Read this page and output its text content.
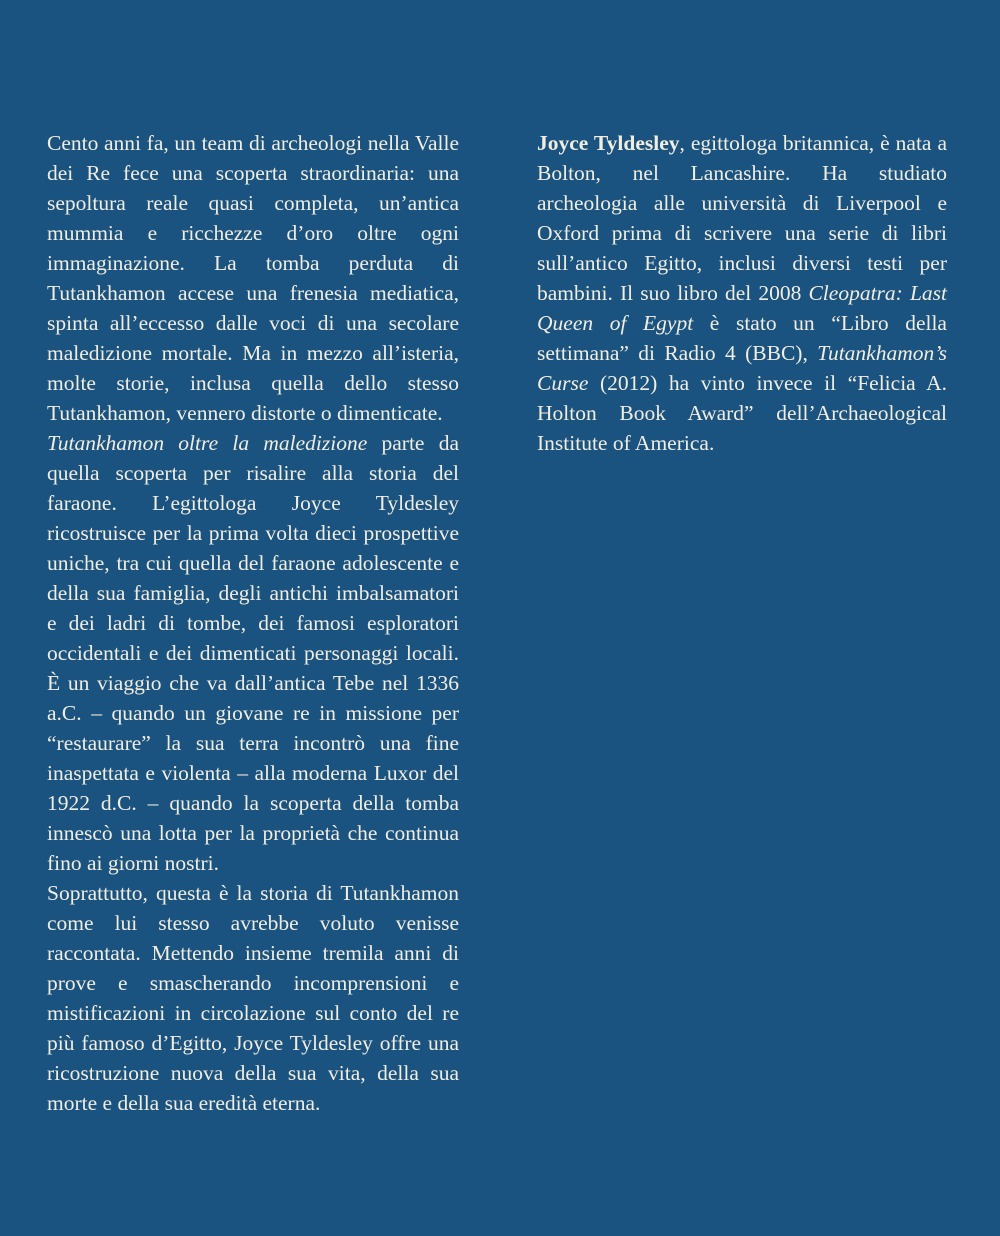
Cento anni fa, un team di archeologi nella Valle dei Re fece una scoperta straordinaria: una sepoltura reale quasi completa, un’antica mummia e ricchezze d’oro oltre ogni immaginazione. La tomba perduta di Tutankhamon accese una frenesia mediatica, spinta all’eccesso dalle voci di una secolare maledizione mortale. Ma in mezzo all’isteria, molte storie, inclusa quella dello stesso Tutankhamon, vennero distorte o dimenticate.

Tutankhamon oltre la maledizione parte da quella scoperta per risalire alla storia del faraone. L’egittologa Joyce Tyldesley ricostruisce per la prima volta dieci prospettive uniche, tra cui quella del faraone adolescente e della sua famiglia, degli antichi imbalsamatori e dei ladri di tombe, dei famosi esploratori occidentali e dei dimenticati personaggi locali. È un viaggio che va dall’antica Tebe nel 1336 a.C. – quando un giovane re in missione per “restaurare” la sua terra incontrò una fine inaspettata e violenta – alla moderna Luxor del 1922 d.C. – quando la scoperta della tomba innescò una lotta per la proprietà che continua fino ai giorni nostri.

Soprattutto, questa è la storia di Tutankhamon come lui stesso avrebbe voluto venisse raccontata. Mettendo insieme tremila anni di prove e smascherando incomprensioni e mistificazioni in circolazione sul conto del re più famoso d’Egitto, Joyce Tyldesley offre una ricostruzione nuova della sua vita, della sua morte e della sua eredità eterna.

Joyce Tyldesley, egittologa britannica, è nata a Bolton, nel Lancashire. Ha studiato archeologia alle università di Liverpool e Oxford prima di scrivere una serie di libri sull’antico Egitto, inclusi diversi testi per bambini. Il suo libro del 2008 Cleopatra: Last Queen of Egypt è stato un “Libro della settimana” di Radio 4 (BBC), Tutankhamon’s Curse (2012) ha vinto invece il “Felicia A. Holton Book Award” dell’Archaeological Institute of America.
